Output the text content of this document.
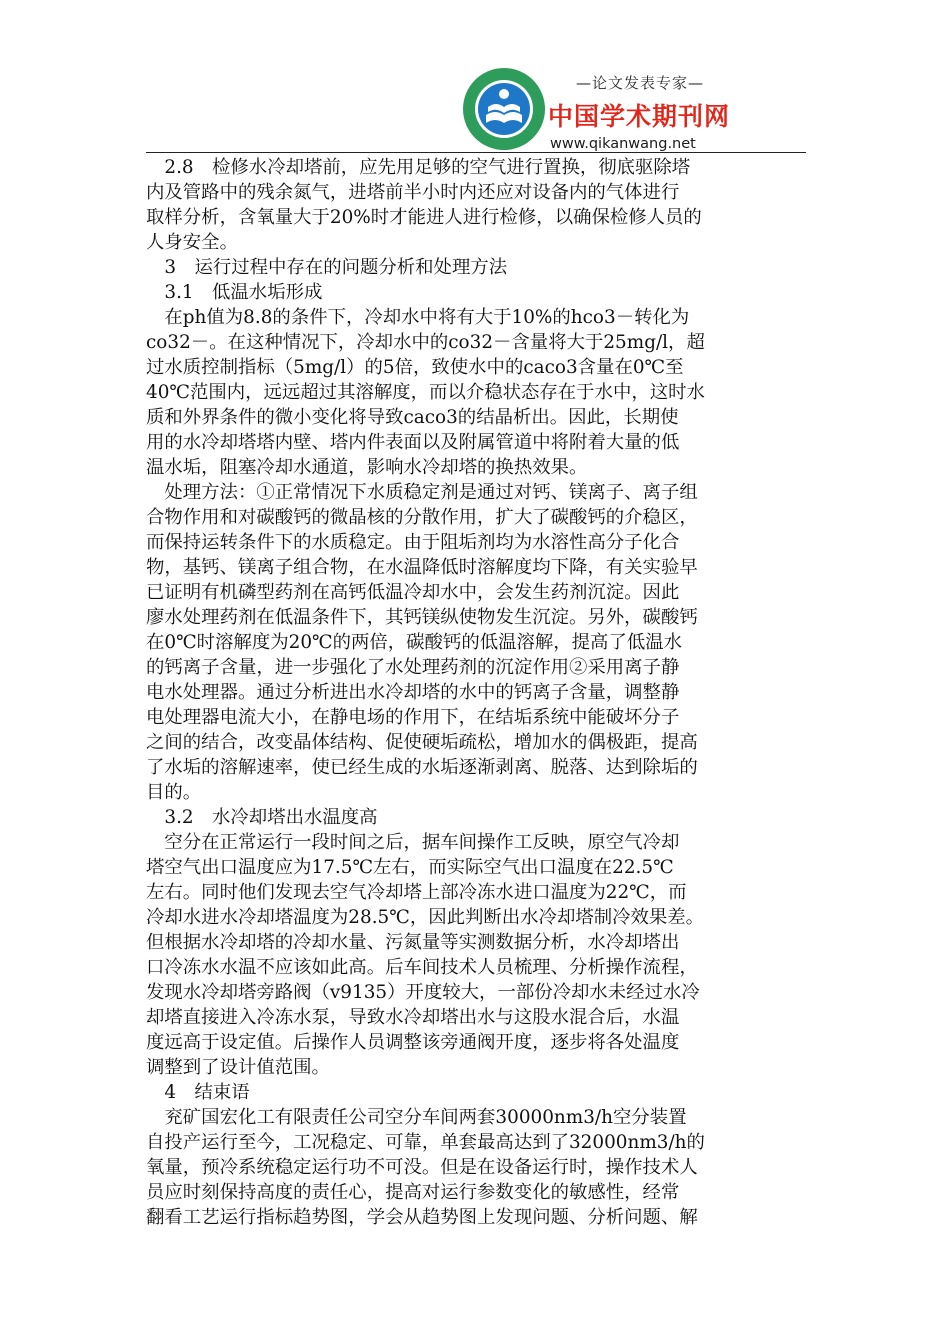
—论文发表专家—
中国学术期刊网
www.qikanwang.net
　2.8　检修水冷却塔前，应先用足够的空气进行置换，彻底驱除塔
内及管路中的残余氮气，进塔前半小时内还应对设备内的气体进行
取样分析，含氧量大于20%时才能进人进行检修，以确保检修人员的
人身安全。
　3　运行过程中存在的问题分析和处理方法
　3.1　低温水垢形成
　在ph值为8.8的条件下，冷却水中将有大于10%的hco3－转化为
co32－。在这种情况下，冷却水中的co32－含量将大于25mg/l，超
过水质控制指标（5mg/l）的5倍，致使水中的caco3含量在0℃至
40℃范围内，远远超过其溶解度，而以介稳状态存在于水中，这时水
质和外界条件的微小变化将导致caco3的结晶析出。因此，长期使
用的水冷却塔塔内壁、塔内件表面以及附属管道中将附着大量的低
温水垢，阻塞冷却水通道，影响水冷却塔的换热效果。
　处理方法：①正常情况下水质稳定剂是通过对钙、镁离子、离子组
合物作用和对碳酸钙的微晶核的分散作用，扩大了碳酸钙的介稳区，
而保持运转条件下的水质稳定。由于阻垢剂均为水溶性高分子化合
物，基钙、镁离子组合物，在水温降低时溶解度均下降，有关实验早
已证明有机磷型药剂在高钙低温冷却水中，会发生药剂沉淀。因此
廖水处理药剂在低温条件下，其钙镁纵使物发生沉淀。另外，碳酸钙
在0℃时溶解度为20℃的两倍，碳酸钙的低温溶解，提高了低温水
的钙离子含量，进一步强化了水处理药剂的沉淀作用②采用离子静
电水处理器。通过分析进出水冷却塔的水中的钙离子含量，调整静
电处理器电流大小，在静电场的作用下，在结垢系统中能破坏分子
之间的结合，改变晶体结构、促使硬垢疏松，增加水的偶极距，提高
了水垢的溶解速率，使已经生成的水垢逐渐剥离、脱落、达到除垢的
目的。
　3.2　水冷却塔出水温度高
　空分在正常运行一段时间之后，据车间操作工反映，原空气冷却
塔空气出口温度应为17.5℃左右，而实际空气出口温度在22.5℃
左右。同时他们发现去空气冷却塔上部冷冻水进口温度为22℃，而
冷却水进水冷却塔温度为28.5℃，因此判断出水冷却塔制冷效果差。
但根据水冷却塔的冷却水量、污氮量等实测数据分析，水冷却塔出
口冷冻水水温不应该如此高。后车间技术人员梳理、分析操作流程，
发现水冷却塔旁路阀（v9135）开度较大，一部份冷却水未经过水冷
却塔直接进入冷冻水泵，导致水冷却塔出水与这股水混合后，水温
度远高于设定值。后操作人员调整该旁通阀开度，逐步将各处温度
调整到了设计值范围。
　4　结束语
　兖矿国宏化工有限责任公司空分车间两套30000nm3/h空分装置
自投产运行至今，工况稳定、可靠，单套最高达到了32000nm3/h的
氧量，预冷系统稳定运行功不可没。但是在设备运行时，操作技术人
员应时刻保持高度的责任心，提高对运行参数变化的敏感性，经常
翻看工艺运行指标趋势图，学会从趋势图上发现问题、分析问题、解
